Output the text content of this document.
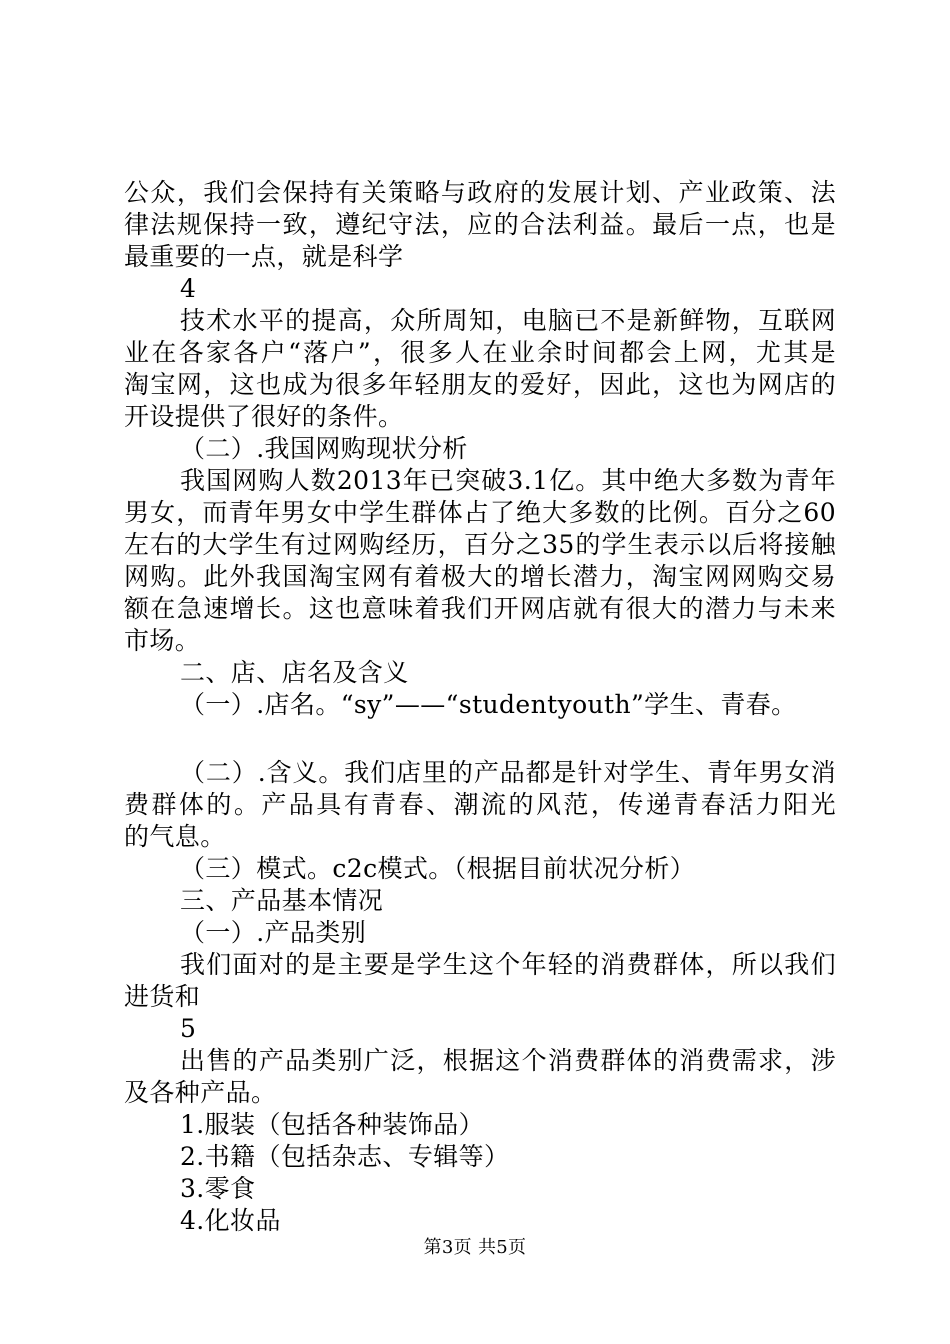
公众，我们会保持有关策略与政府的发展计划、产业政策、法
律法规保持一致，遵纪守法，应的合法利益。最后一点，也是
最重要的一点，就是科学
4
技术水平的提高，众所周知，电脑已不是新鲜物，互联网
业在各家各户“落户”，很多人在业余时间都会上网，尤其是
淘宝网，这也成为很多年轻朋友的爱好，因此，这也为网店的
开设提供了很好的条件。
（二）.我国网购现状分析
我国网购人数2013年已突破3.1亿。其中绝大多数为青年
男女，而青年男女中学生群体占了绝大多数的比例。百分之60
左右的大学生有过网购经历，百分之35的学生表示以后将接触
网购。此外我国淘宝网有着极大的增长潜力，淘宝网网购交易
额在急速增长。这也意味着我们开网店就有很大的潜力与未来
市场。
二、店、店名及含义
（一）.店名。“sy”——“studentyouth”学生、青春。
（二）.含义。我们店里的产品都是针对学生、青年男女消
费群体的。产品具有青春、潮流的风范，传递青春活力阳光
的气息。
（三）模式。c2c模式。（根据目前状况分析）
三、产品基本情况
（一）.产品类别
我们面对的是主要是学生这个年轻的消费群体，所以我们
进货和
5
出售的产品类别广泛，根据这个消费群体的消费需求，涉
及各种产品。
1.服装（包括各种装饰品）
2.书籍（包括杂志、专辑等）
3.零食
4.化妆品
第3页 共5页
